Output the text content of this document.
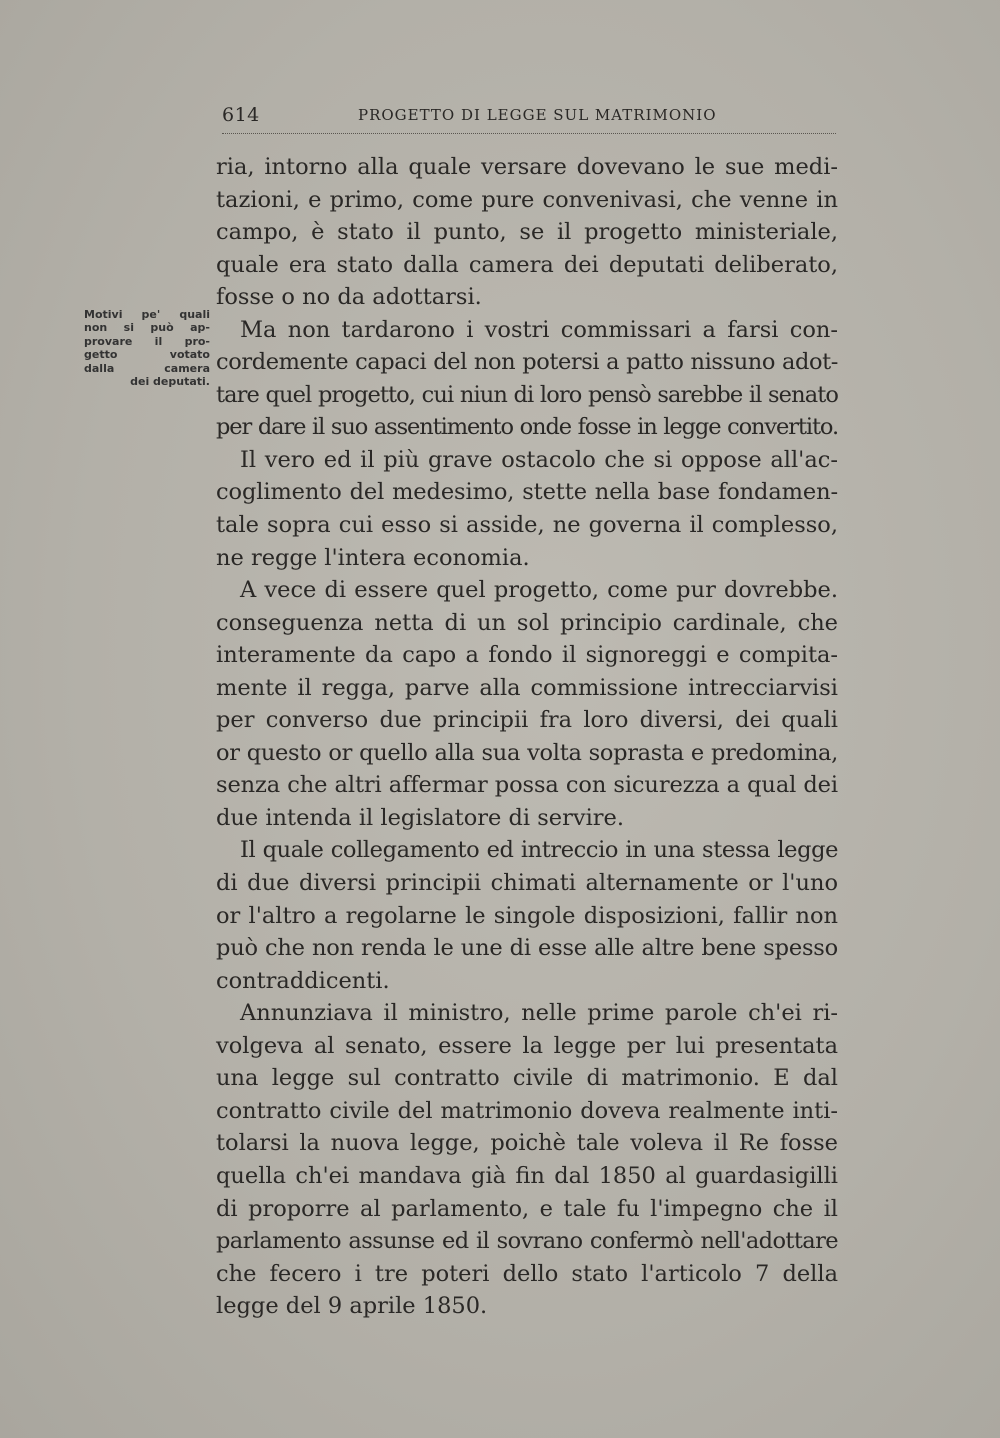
614	PROGETTO DI LEGGE SUL MATRIMONIO
Motivi pe' quali
non si può ap-
provare il pro-
getto votato
dalla camera
dei deputati.
ria, intorno alla quale versare dovevano le sue medi-
tazioni, e primo, come pure convenivasi, che venne in
campo, è stato il punto, se il progetto ministeriale,
quale era stato dalla camera dei deputati deliberato,
fosse o no da adottarsi.
Ma non tardarono i vostri commissari a farsi con-
cordemente capaci del non potersi a patto nissuno adot-
tare quel progetto, cui niun di loro pensò sarebbe il senato
per dare il suo assentimento onde fosse in legge convertito.
Il vero ed il più grave ostacolo che si oppose all'ac-
coglimento del medesimo, stette nella base fondamen-
tale sopra cui esso si asside, ne governa il complesso,
ne regge l'intera economia.
A vece di essere quel progetto, come pur dovrebbe.
conseguenza netta di un sol principio cardinale, che
interamente da capo a fondo il signoreggi e compita-
mente il regga, parve alla commissione intrecciarvisi
per converso due principii fra loro diversi, dei quali
or questo or quello alla sua volta soprasta e predomina,
senza che altri affermar possa con sicurezza a qual dei
due intenda il legislatore di servire.
Il quale collegamento ed intreccio in una stessa legge
di due diversi principii chimati alternamente or l'uno
or l'altro a regolarne le singole disposizioni, fallir non
può che non renda le une di esse alle altre bene spesso
contraddicenti.
Annunziava il ministro, nelle prime parole ch'ei ri-
volgeva al senato, essere la legge per lui presentata
una legge sul contratto civile di matrimonio. E dal
contratto civile del matrimonio doveva realmente inti-
tolarsi la nuova legge, poichè tale voleva il Re fosse
quella ch'ei mandava già fin dal 1850 al guardasigilli
di proporre al parlamento, e tale fu l'impegno che il
parlamento assunse ed il sovrano confermò nell'adottare
che fecero i tre poteri dello stato l'articolo 7 della
legge del 9 aprile 1850.
